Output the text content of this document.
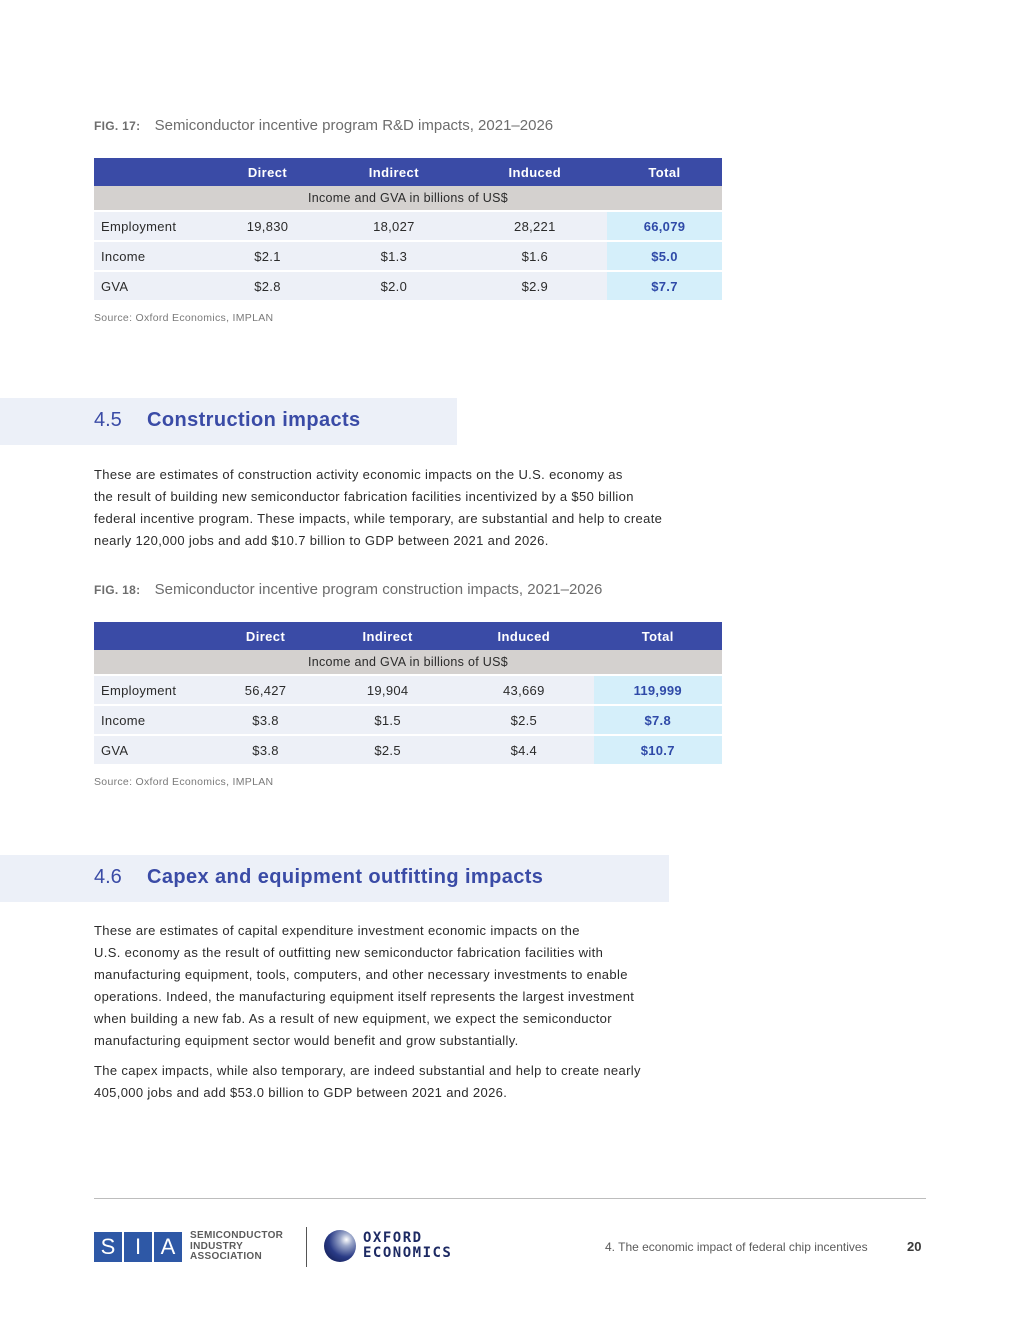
FIG. 17: Semiconductor incentive program R&D impacts, 2021–2026
	Direct	Indirect	Induced	Total
Income and GVA in billions of US$				
Employment	19,830	18,027	28,221	66,079
Income	$2.1	$1.3	$1.6	$5.0
GVA	$2.8	$2.0	$2.9	$7.7
Source: Oxford Economics, IMPLAN
4.5 Construction impacts

These are estimates of construction activity economic impacts on the U.S. economy as
the result of building new semiconductor fabrication facilities incentivized by a $50 billion
federal incentive program. These impacts, while temporary, are substantial and help to create
nearly 120,000 jobs and add $10.7 billion to GDP between 2021 and 2026.

FIG. 18: Semiconductor incentive program construction impacts, 2021–2026
	Direct	Indirect	Induced	Total
Income and GVA in billions of US$				
Employment	56,427	19,904	43,669	119,999
Income	$3.8	$1.5	$2.5	$7.8
GVA	$3.8	$2.5	$4.4	$10.7
Source: Oxford Economics, IMPLAN
4.6 Capex and equipment outfitting impacts

These are estimates of capital expenditure investment economic impacts on the
U.S. economy as the result of outfitting new semiconductor fabrication facilities with
manufacturing equipment, tools, computers, and other necessary investments to enable
operations. Indeed, the manufacturing equipment itself represents the largest investment
when building a new fab. As a result of new equipment, we expect the semiconductor
manufacturing equipment sector would benefit and grow substantially.

The capex impacts, while also temporary, are indeed substantial and help to create nearly
405,000 jobs and add $53.0 billion to GDP between 2021 and 2026.

S I A	SEMICONDUCTOR
INDUSTRY
ASSOCIATION
OXFORD
ECONOMICS	4. The economic impact of federal chip incentives	20
